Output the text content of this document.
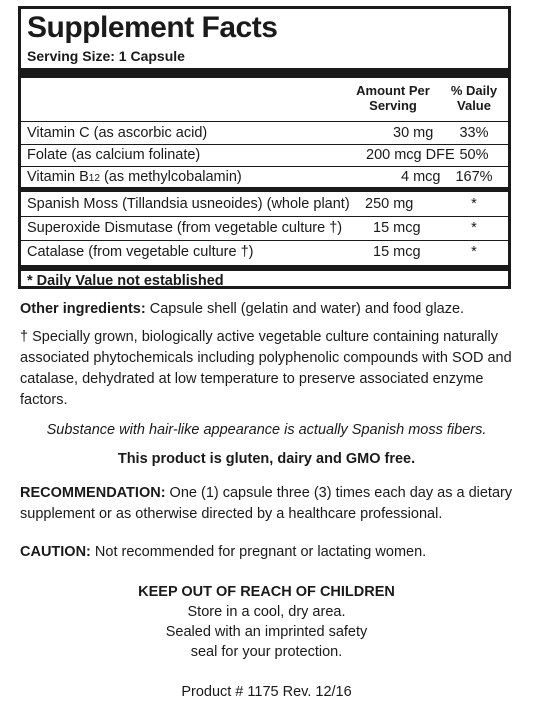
Supplement Facts
Serving Size: 1 Capsule
Amount Per
Serving
% Daily
Value
Vitamin C (as ascorbic acid)	30 mg	33%
Folate (as calcium folinate)	200 mcg DFE 50%
Vitamin B12 (as methylcobalamin)	4 mcg	167%
Spanish Moss (Tillandsia usneoides) (whole plant) 250 mg	*
Superoxide Dismutase (from vegetable culture †) 15 mcg	*
Catalase (from vegetable culture †)	15 mcg	*
* Daily Value not established
Other ingredients: Capsule shell (gelatin and water) and food glaze.
† Specially grown, biologically active vegetable culture containing naturally associated phytochemicals including polyphenolic compounds with SOD and catalase, dehydrated at low temperature to preserve associated enzyme factors.
Substance with hair-like appearance is actually Spanish moss fibers.
This product is gluten, dairy and GMO free.
RECOMMENDATION: One (1) capsule three (3) times each day as a dietary supplement or as otherwise directed by a healthcare professional.
CAUTION: Not recommended for pregnant or lactating women.
KEEP OUT OF REACH OF CHILDREN
Store in a cool, dry area.
Sealed with an imprinted safety
seal for your protection.
Product # 1175 Rev. 12/16
